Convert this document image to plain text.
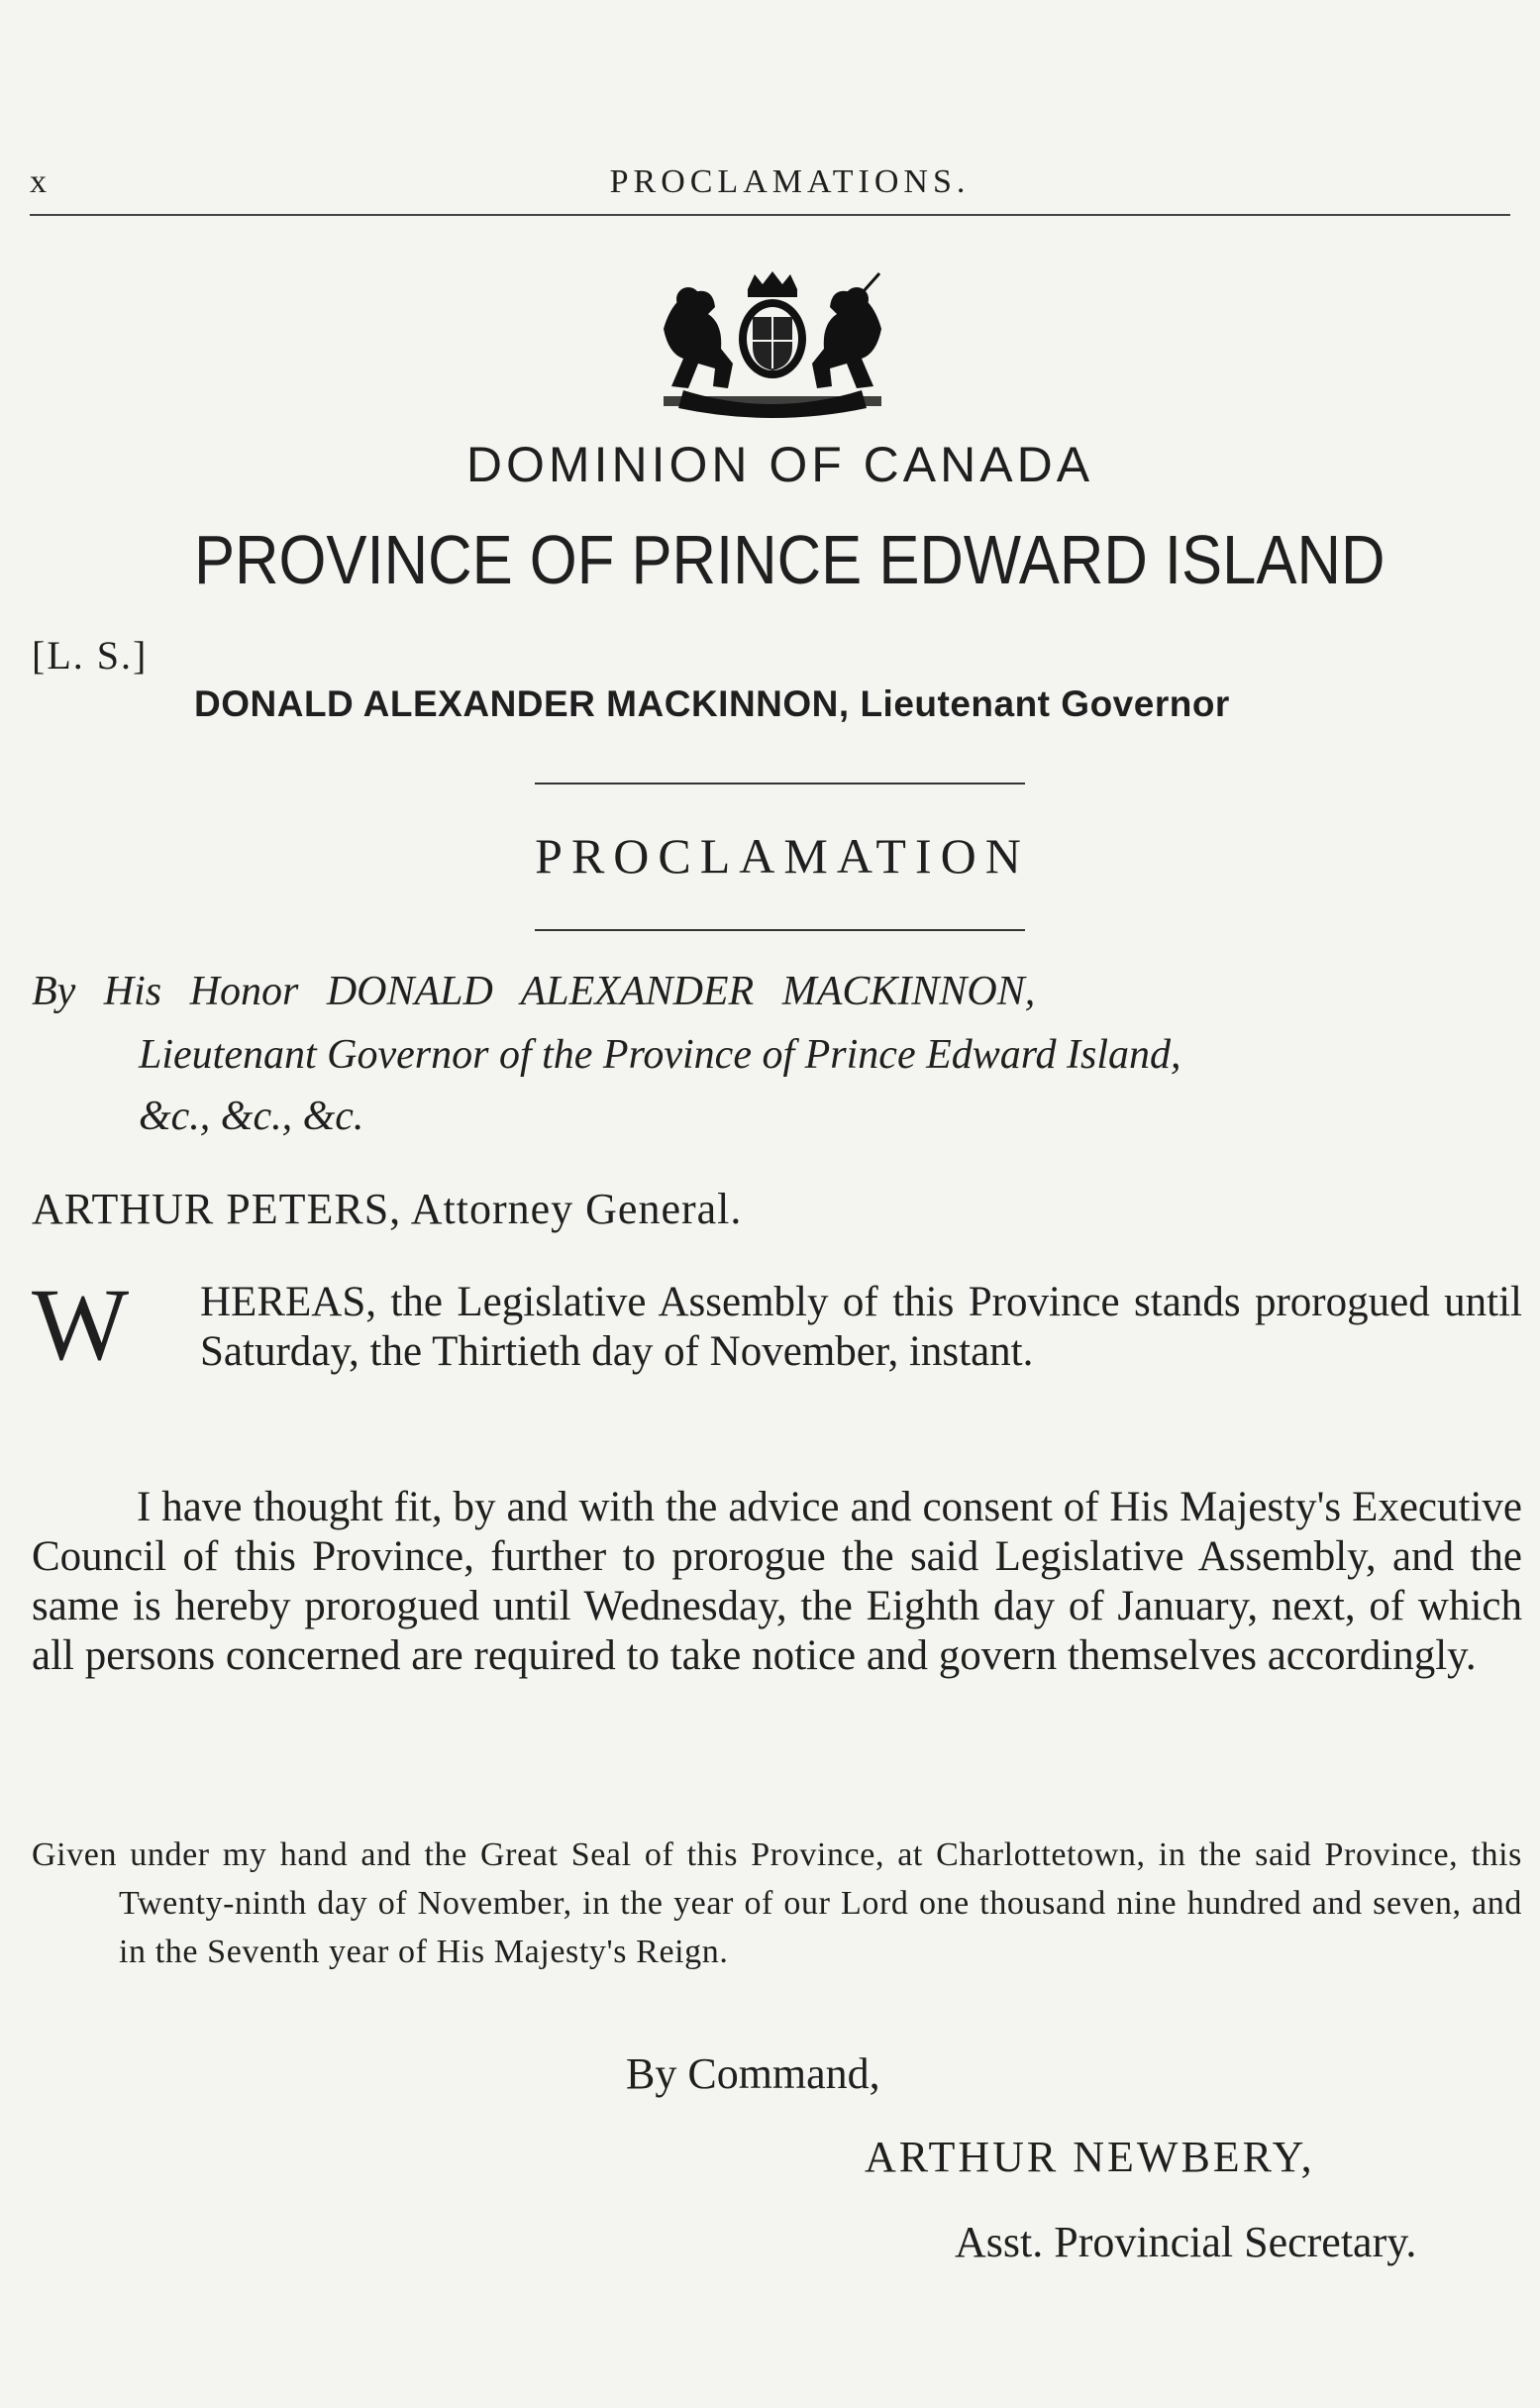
x	PROCLAMATIONS.
DOMINION OF CANADA
PROVINCE OF PRINCE EDWARD ISLAND
[L. S.]
DONALD ALEXANDER MACKINNON, Lieutenant Governor
PROCLAMATION
By His Honor DONALD ALEXANDER MACKINNON,
Lieutenant Governor of the Province of Prince Edward Island,
&c., &c., &c.
ARTHUR PETERS, Attorney General.
W HEREAS, the Legislative Assembly of this Province stands prorogued until Saturday, the Thirtieth day of November, instant.
I have thought fit, by and with the advice and consent of His Majesty's Executive Council of this Province, further to prorogue the said Legislative Assembly, and the same is hereby prorogued until Wednesday, the Eighth day of January, next, of which all persons concerned are required to take notice and govern themselves accordingly.
Given under my hand and the Great Seal of this Province, at Charlottetown, in the said Province, this Twenty-ninth day of November, in the year of our Lord one thousand nine hundred and seven, and in the Seventh year of His Majesty's Reign.
By Command,
ARTHUR NEWBERY,
Asst. Provincial Secretary.
